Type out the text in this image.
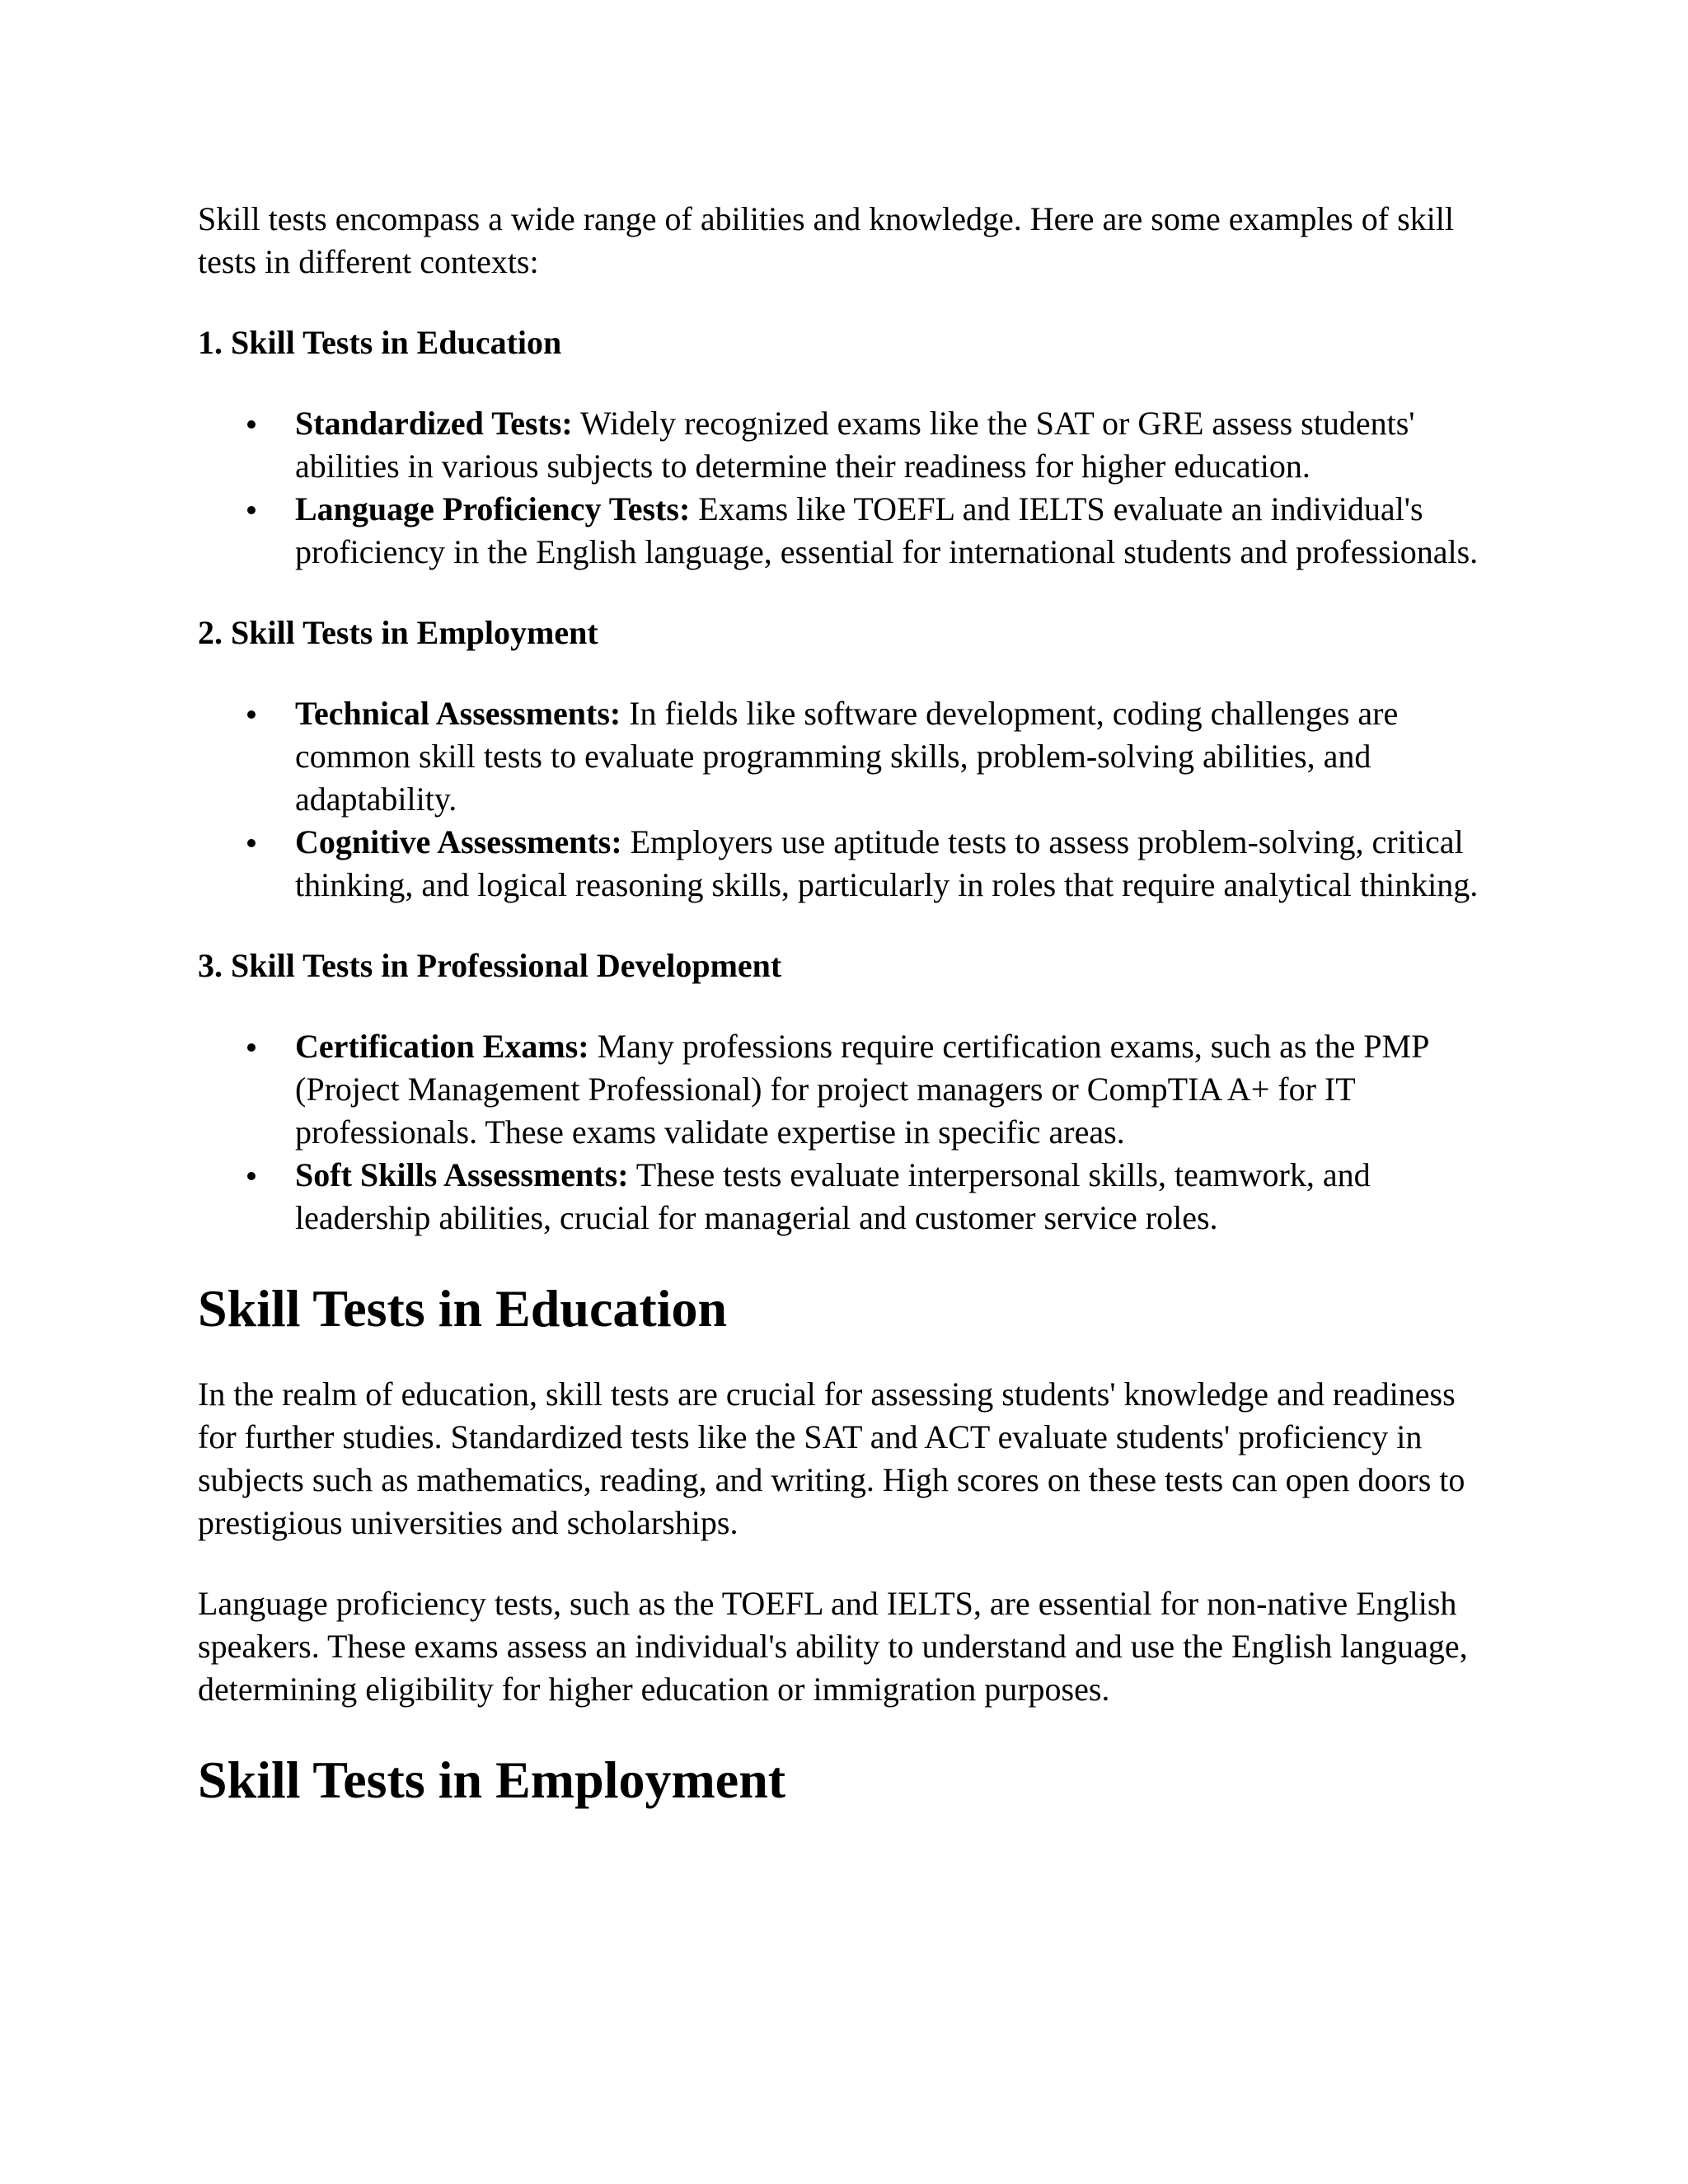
Skill tests encompass a wide range of abilities and knowledge. Here are some examples of skill tests in different contexts:

1. Skill Tests in Education
Standardized Tests: Widely recognized exams like the SAT or GRE assess students' abilities in various subjects to determine their readiness for higher education.
Language Proficiency Tests: Exams like TOEFL and IELTS evaluate an individual's proficiency in the English language, essential for international students and professionals.
2. Skill Tests in Employment
Technical Assessments: In fields like software development, coding challenges are common skill tests to evaluate programming skills, problem-solving abilities, and adaptability.
Cognitive Assessments: Employers use aptitude tests to assess problem-solving, critical thinking, and logical reasoning skills, particularly in roles that require analytical thinking.
3. Skill Tests in Professional Development
Certification Exams: Many professions require certification exams, such as the PMP (Project Management Professional) for project managers or CompTIA A+ for IT professionals. These exams validate expertise in specific areas.
Soft Skills Assessments: These tests evaluate interpersonal skills, teamwork, and leadership abilities, crucial for managerial and customer service roles.
Skill Tests in Education

In the realm of education, skill tests are crucial for assessing students' knowledge and readiness for further studies. Standardized tests like the SAT and ACT evaluate students' proficiency in subjects such as mathematics, reading, and writing. High scores on these tests can open doors to prestigious universities and scholarships.

Language proficiency tests, such as the TOEFL and IELTS, are essential for non-native English speakers. These exams assess an individual's ability to understand and use the English language, determining eligibility for higher education or immigration purposes.

Skill Tests in Employment
